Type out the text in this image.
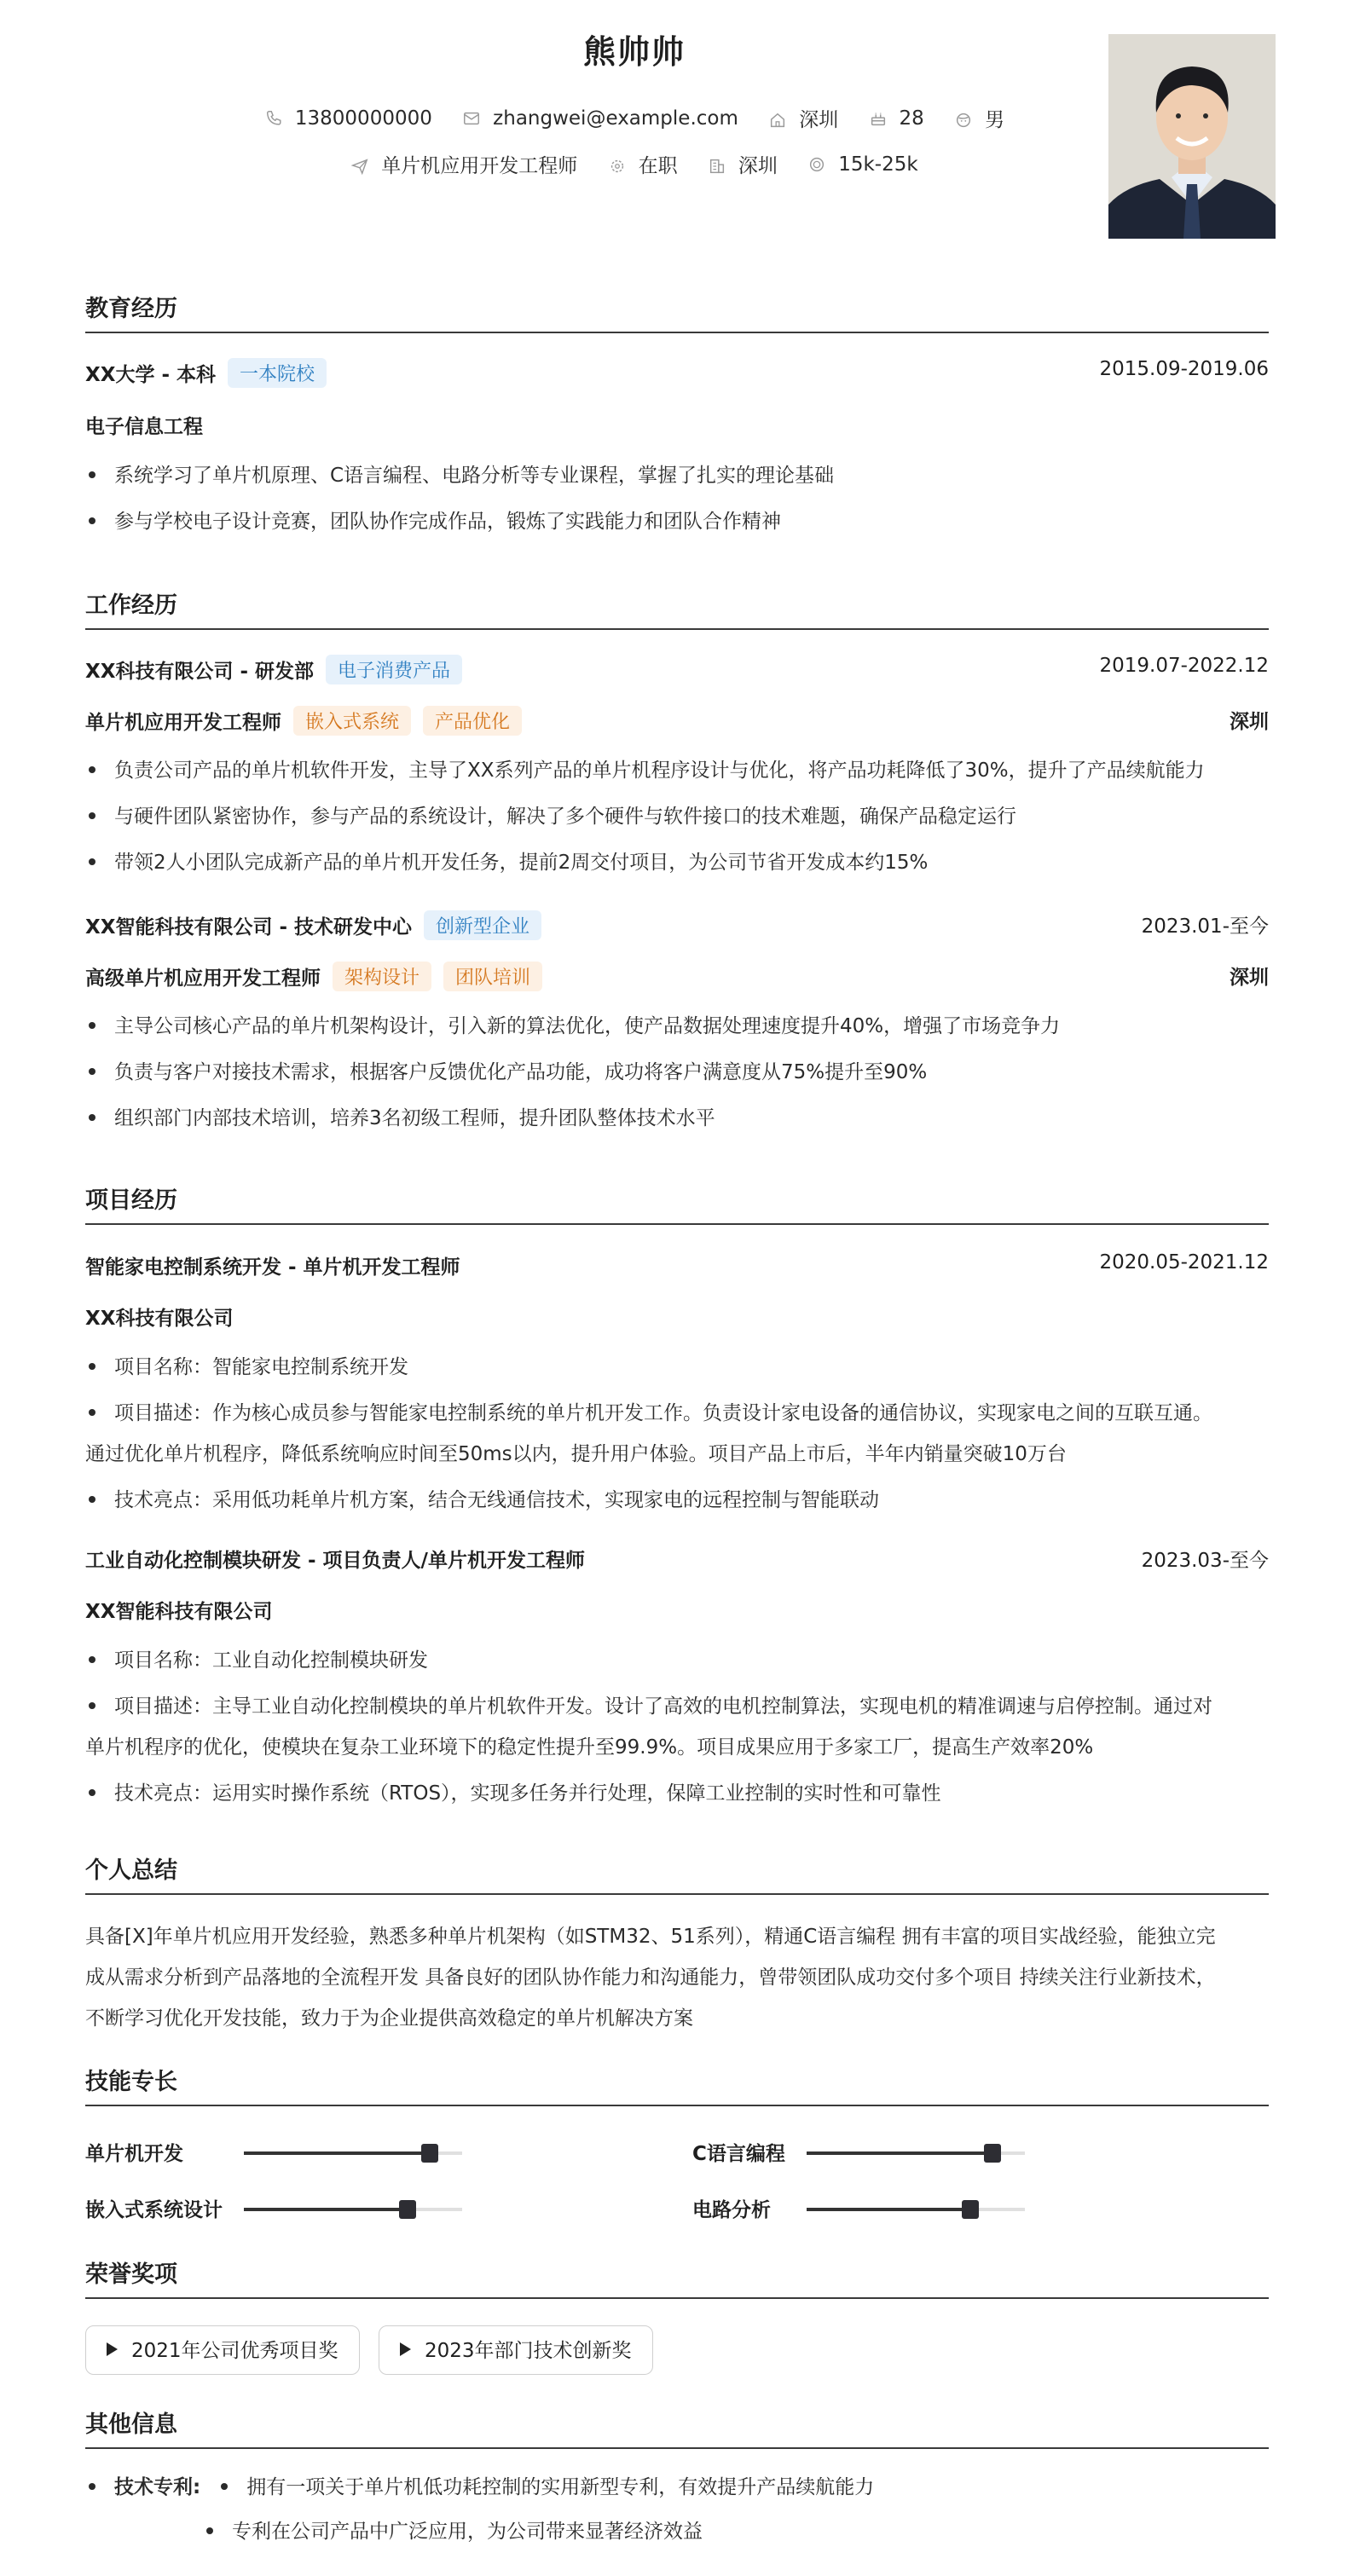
熊帅帅
13800000000	zhangwei@example.com	深圳	28	男
单片机应用开发工程师	在职	深圳	15k-25k
教育经历
XX大学 - 本科 一本院校	2015.09-2019.06
电子信息工程
系统学习了单片机原理、C语言编程、电路分析等专业课程，掌握了扎实的理论基础
参与学校电子设计竞赛，团队协作完成作品，锻炼了实践能力和团队合作精神
工作经历
XX科技有限公司 - 研发部 电子消费产品	2019.07-2022.12
单片机应用开发工程师 嵌入式系统 产品优化	深圳
负责公司产品的单片机软件开发，主导了XX系列产品的单片机程序设计与优化，将产品功耗降低了30%，提升了产品续航能力
与硬件团队紧密协作，参与产品的系统设计，解决了多个硬件与软件接口的技术难题，确保产品稳定运行
带领2人小团队完成新产品的单片机开发任务，提前2周交付项目，为公司节省开发成本约15%
XX智能科技有限公司 - 技术研发中心 创新型企业	2023.01-至今
高级单片机应用开发工程师 架构设计 团队培训	深圳
主导公司核心产品的单片机架构设计，引入新的算法优化，使产品数据处理速度提升40%，增强了市场竞争力
负责与客户对接技术需求，根据客户反馈优化产品功能，成功将客户满意度从75%提升至90%
组织部门内部技术培训，培养3名初级工程师，提升团队整体技术水平
项目经历
智能家电控制系统开发 - 单片机开发工程师	2020.05-2021.12
XX科技有限公司
项目名称：智能家电控制系统开发
项目描述：作为核心成员参与智能家电控制系统的单片机开发工作。负责设计家电设备的通信协议，实现家电之间的互联互通。
通过优化单片机程序，降低系统响应时间至50ms以内，提升用户体验。项目产品上市后，半年内销量突破10万台
技术亮点：采用低功耗单片机方案，结合无线通信技术，实现家电的远程控制与智能联动
工业自动化控制模块研发 - 项目负责人/单片机开发工程师	2023.03-至今
XX智能科技有限公司
项目名称：工业自动化控制模块研发
项目描述：主导工业自动化控制模块的单片机软件开发。设计了高效的电机控制算法，实现电机的精准调速与启停控制。通过对
单片机程序的优化，使模块在复杂工业环境下的稳定性提升至99.9%。项目成果应用于多家工厂，提高生产效率20%
技术亮点：运用实时操作系统（RTOS），实现多任务并行处理，保障工业控制的实时性和可靠性
个人总结
具备[X]年单片机应用开发经验，熟悉多种单片机架构（如STM32、51系列），精通C语言编程 拥有丰富的项目实战经验，能独立完
成从需求分析到产品落地的全流程开发 具备良好的团队协作能力和沟通能力，曾带领团队成功交付多个项目 持续关注行业新技术，
不断学习优化开发技能，致力于为企业提供高效稳定的单片机解决方案
技能专长
单片机开发	C语言编程
嵌入式系统设计	电路分析
荣誉奖项
2021年公司优秀项目奖	2023年部门技术创新奖
其他信息
技术专利: 拥有一项关于单片机低功耗控制的实用新型专利，有效提升产品续航能力
专利在公司产品中广泛应用，为公司带来显著经济效益
